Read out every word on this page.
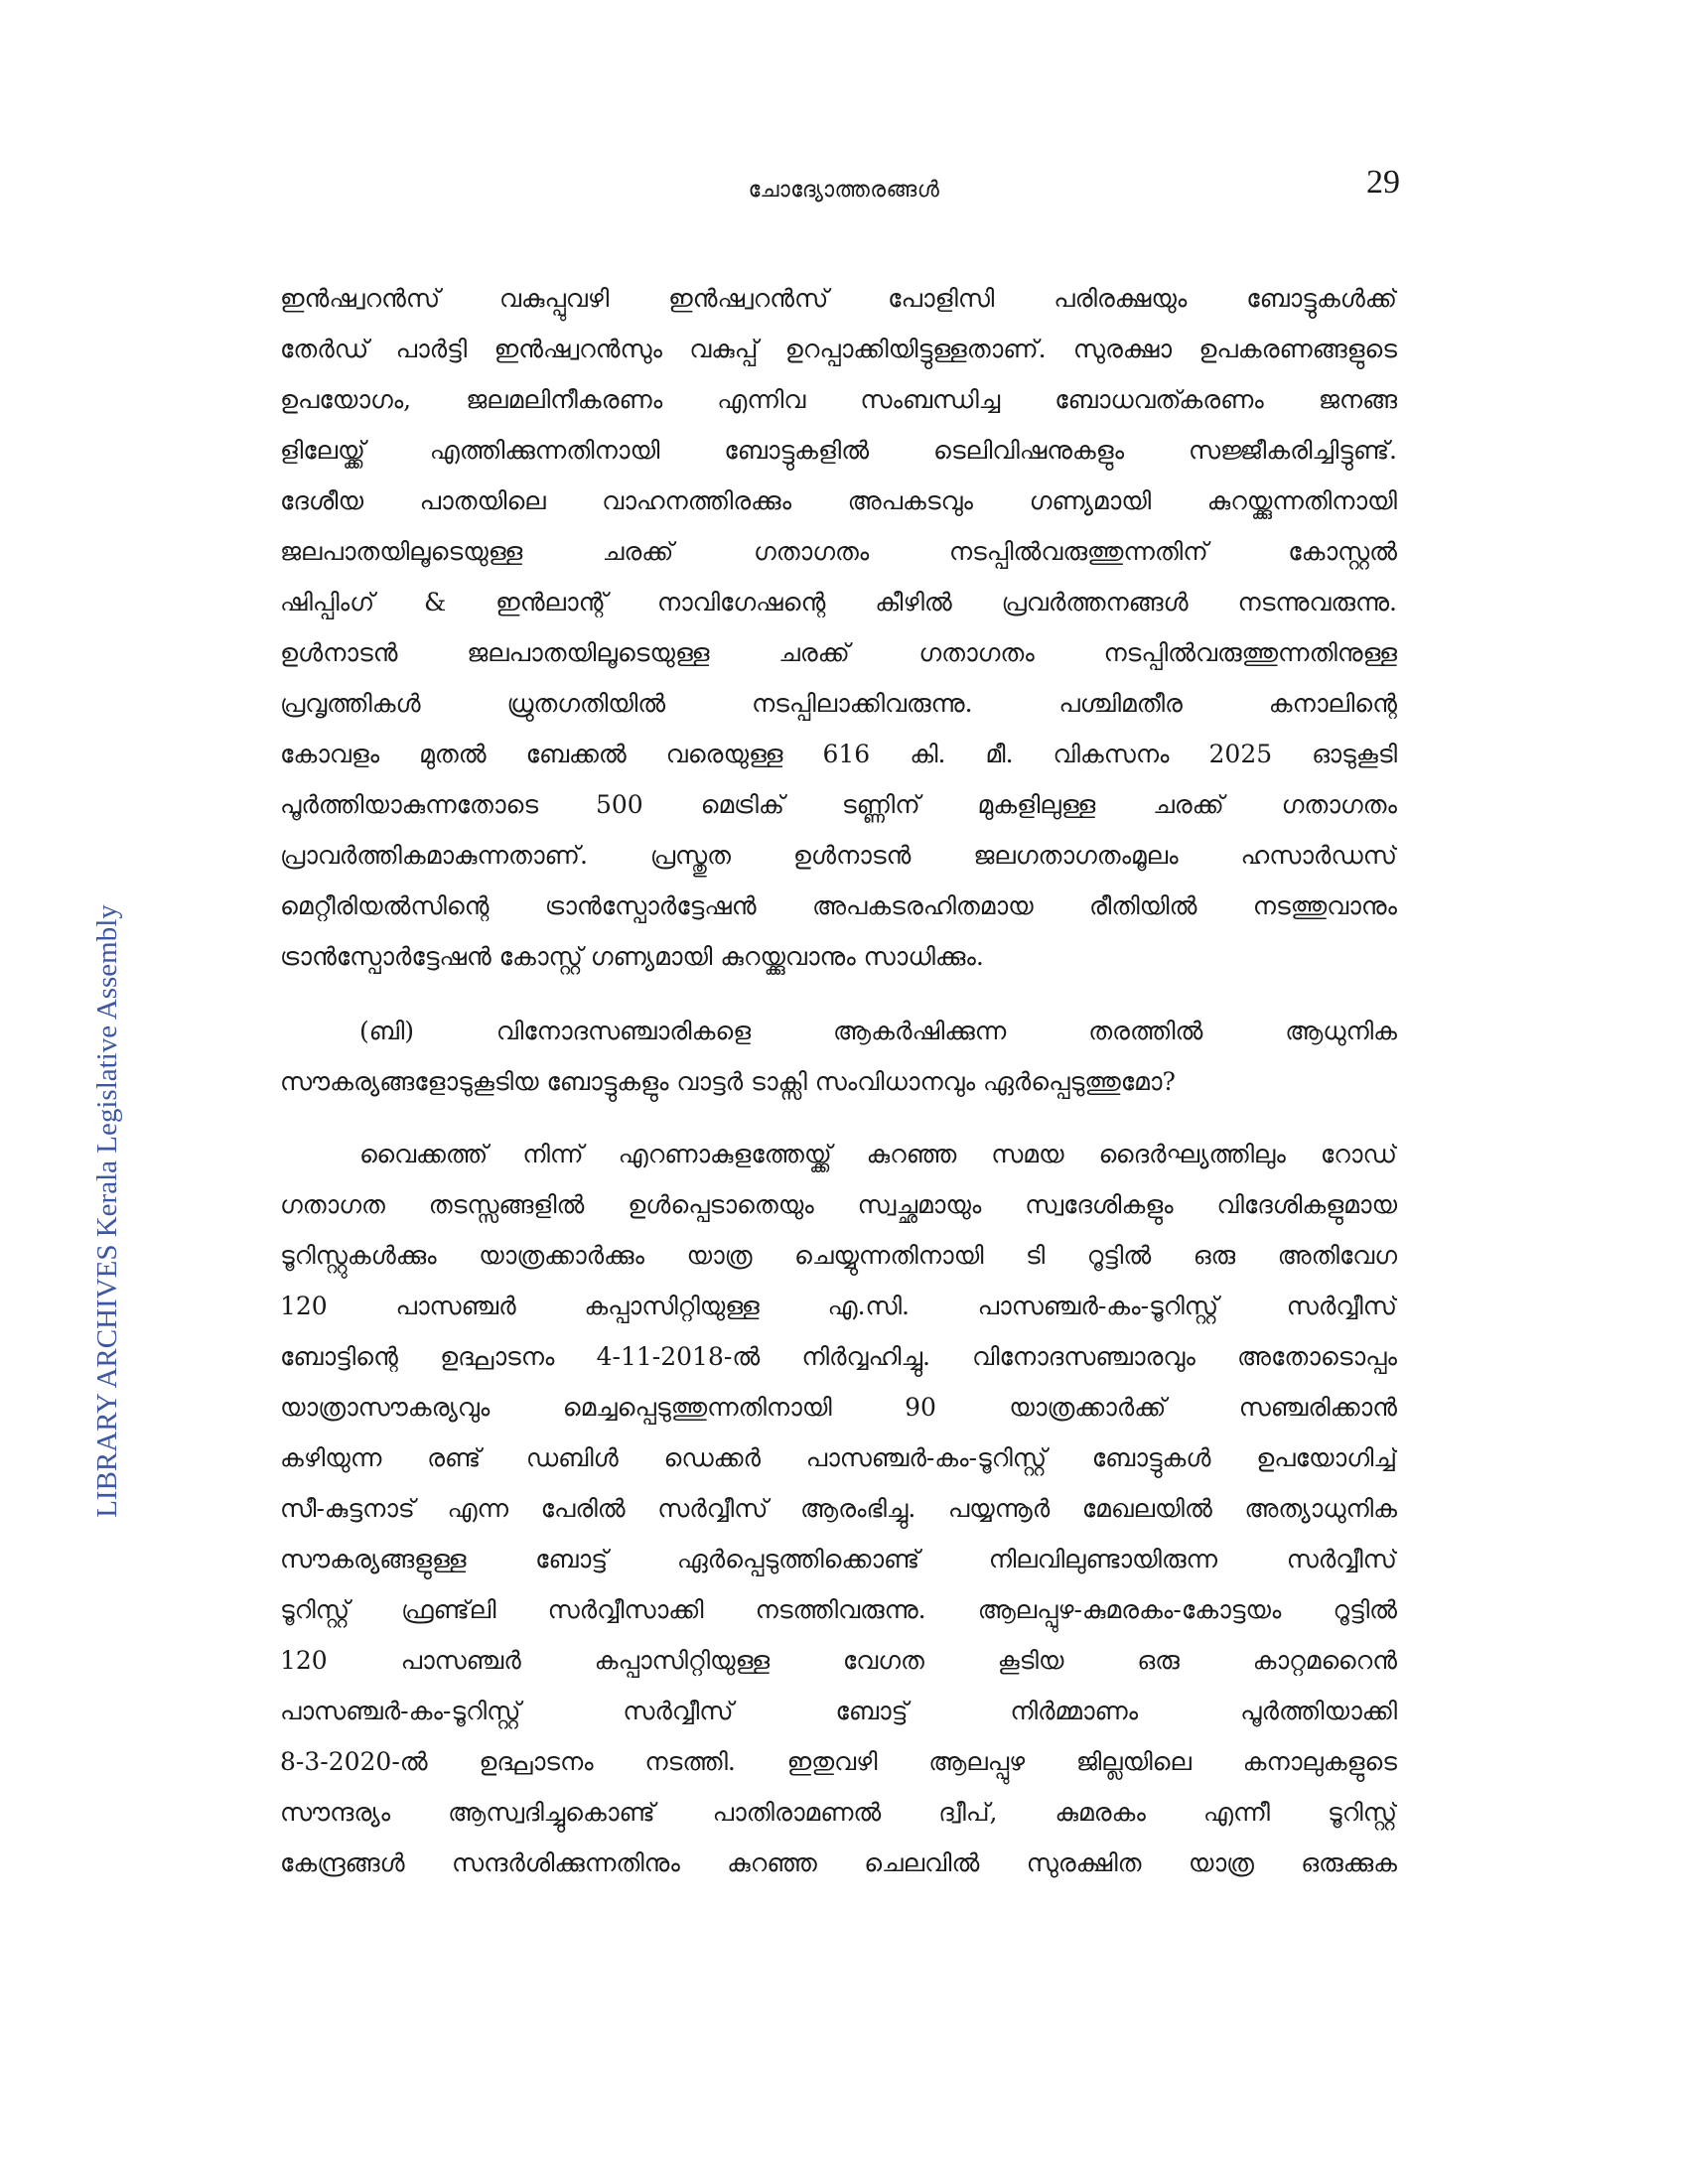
ചോദ്യോത്തരങ്ങൾ	29
LIBRARY ARCHIVES Kerala Legislative Assembly

ഇൻഷ്വറൻസ് വകുപ്പുവഴി ഇൻഷ്വറൻസ് പോളിസി പരിരക്ഷയും ബോട്ടുകൾക്ക്

തേർഡ് പാർട്ടി ഇൻഷ്വറൻസും വകുപ്പ് ഉറപ്പാക്കിയിട്ടുള്ളതാണ്. സുരക്ഷാ ഉപകരണങ്ങളുടെ

ഉപയോഗം, ജലമലിനീകരണം എന്നിവ സംബന്ധിച്ച ബോധവത്കരണം ജനങ്ങ

ളിലേയ്ക്ക് എത്തിക്കുന്നതിനായി ബോട്ടുകളിൽ ടെലിവിഷനുകളും സജ്ജീകരിച്ചിട്ടുണ്ട്.

ദേശീയ പാതയിലെ വാഹനത്തിരക്കും അപകടവും ഗണ്യമായി കുറയ്ക്കുന്നതിനായി

ജലപാതയിലൂടെയുള്ള ചരക്ക് ഗതാഗതം നടപ്പിൽവരുത്തുന്നതിന് കോസ്റ്റൽ

ഷിപ്പിംഗ് & ഇൻലാന്റ് നാവിഗേഷന്റെ കീഴിൽ പ്രവർത്തനങ്ങൾ നടന്നുവരുന്നു.

ഉൾനാടൻ ജലപാതയിലൂടെയുള്ള ചരക്ക് ഗതാഗതം നടപ്പിൽവരുത്തുന്നതിനുള്ള

പ്രവൃത്തികൾ ധ്രുതഗതിയിൽ നടപ്പിലാക്കിവരുന്നു. പശ്ചിമതീര കനാലിന്റെ

കോവളം മുതൽ ബേക്കൽ വരെയുള്ള 616 കി. മീ. വികസനം 2025 ഓടുകൂടി

പൂർത്തിയാകുന്നതോടെ 500 മെട്രിക് ടണ്ണിന് മുകളിലുള്ള ചരക്ക് ഗതാഗതം

പ്രാവർത്തികമാകുന്നതാണ്. പ്രസ്തുത ഉൾനാടൻ ജലഗതാഗതംമൂലം ഹസാർഡസ്

മെറ്റീരിയൽസിന്റെ ട്രാൻസ്പോർട്ടേഷൻ അപകടരഹിതമായ രീതിയിൽ നടത്തുവാനും

ട്രാൻസ്പോർട്ടേഷൻ കോസ്റ്റ് ഗണ്യമായി കുറയ്ക്കുവാനും സാധിക്കും.

(ബി) വിനോദസഞ്ചാരികളെ ആകർഷിക്കുന്ന തരത്തിൽ ആധുനിക

സൗകര്യങ്ങളോടുകൂടിയ ബോട്ടുകളും വാട്ടർ ടാക്സി സംവിധാനവും ഏർപ്പെടുത്തുമോ?

വൈക്കത്ത് നിന്ന് എറണാകുളത്തേയ്ക്ക് കുറഞ്ഞ സമയ ദൈർഘ്യത്തിലും റോഡ്

ഗതാഗത തടസ്സങ്ങളിൽ ഉൾപ്പെടാതെയും സ്വച്ഛമായും സ്വദേശികളും വിദേശികളുമായ

ടൂറിസ്റ്റുകൾക്കും യാത്രക്കാർക്കും യാത്ര ചെയ്യുന്നതിനായി ടി റൂട്ടിൽ ഒരു അതിവേഗ

120 പാസഞ്ചർ കപ്പാസിറ്റിയുള്ള എ.സി. പാസഞ്ചർ-കം-ടൂറിസ്റ്റ് സർവ്വീസ്

ബോട്ടിന്റെ ഉദ്ഘാടനം 4-11-2018-ൽ നിർവ്വഹിച്ചു. വിനോദസഞ്ചാരവും അതോടൊപ്പം

യാത്രാസൗകര്യവും മെച്ചപ്പെടുത്തുന്നതിനായി 90 യാത്രക്കാർക്ക് സഞ്ചരിക്കാൻ

കഴിയുന്ന രണ്ട് ഡബിൾ ഡെക്കർ പാസഞ്ചർ-കം-ടൂറിസ്റ്റ് ബോട്ടുകൾ ഉപയോഗിച്ച്

സീ-കുട്ടനാട് എന്ന പേരിൽ സർവ്വീസ് ആരംഭിച്ചു. പയ്യന്നൂർ മേഖലയിൽ അത്യാധുനിക

സൗകര്യങ്ങളുള്ള ബോട്ട് ഏർപ്പെടുത്തിക്കൊണ്ട് നിലവിലുണ്ടായിരുന്ന സർവ്വീസ്

ടൂറിസ്റ്റ് ഫ്രണ്ട്‌ലി സർവ്വീസാക്കി നടത്തിവരുന്നു. ആലപ്പുഴ-കുമരകം-കോട്ടയം റൂട്ടിൽ

120 പാസഞ്ചർ കപ്പാസിറ്റിയുള്ള വേഗത കൂടിയ ഒരു കാറ്റമറൈൻ

പാസഞ്ചർ-കം-ടൂറിസ്റ്റ് സർവ്വീസ് ബോട്ട് നിർമ്മാണം പൂർത്തിയാക്കി

8-3-2020-ൽ ഉദ്ഘാടനം നടത്തി. ഇതുവഴി ആലപ്പുഴ ജില്ലയിലെ കനാലുകളുടെ

സൗന്ദര്യം ആസ്വദിച്ചുകൊണ്ട് പാതിരാമണൽ ദ്വീപ്, കുമരകം എന്നീ ടൂറിസ്റ്റ്

കേന്ദ്രങ്ങൾ സന്ദർശിക്കുന്നതിനും കുറഞ്ഞ ചെലവിൽ സുരക്ഷിത യാത്ര ഒരുക്കുക
